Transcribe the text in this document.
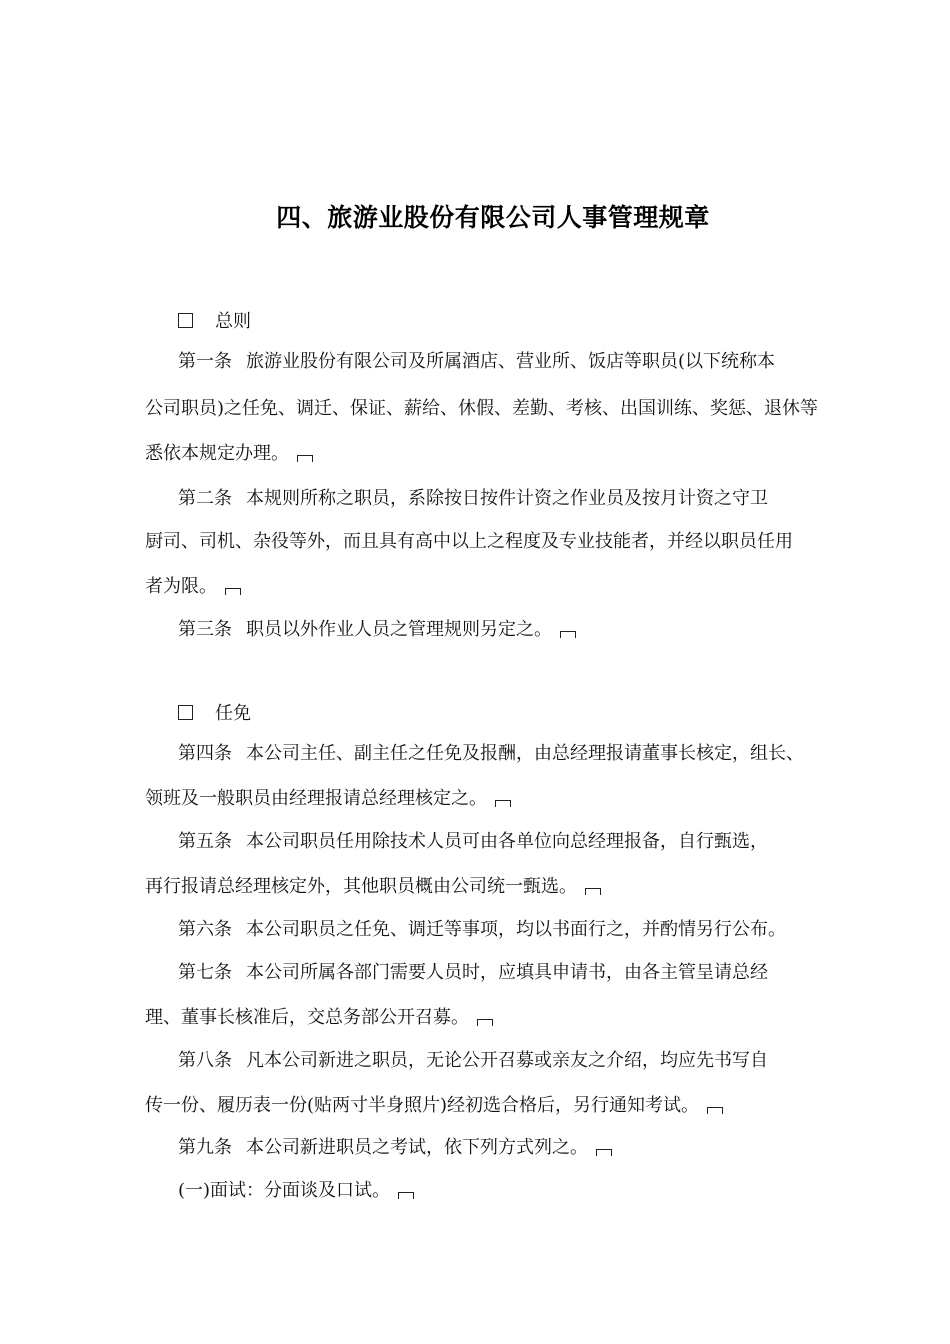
四、旅游业股份有限公司人事管理规章
总则
第一条 旅游业股份有限公司及所属酒店、营业所、饭店等职员(以下统称本
公司职员)之任免、调迁、保证、薪给、休假、差勤、考核、出国训练、奖惩、退休等
悉依本规定办理。
第二条 本规则所称之职员，系除按日按件计资之作业员及按月计资之守卫
厨司、司机、杂役等外，而且具有高中以上之程度及专业技能者，并经以职员任用
者为限。
第三条 职员以外作业人员之管理规则另定之。
任免
第四条 本公司主任、副主任之任免及报酬，由总经理报请董事长核定，组长、
领班及一般职员由经理报请总经理核定之。
第五条 本公司职员任用除技术人员可由各单位向总经理报备，自行甄选，
再行报请总经理核定外，其他职员概由公司统一甄选。
第六条 本公司职员之任免、调迁等事项，均以书面行之，并酌情另行公布。
第七条 本公司所属各部门需要人员时，应填具申请书，由各主管呈请总经
理、董事长核准后，交总务部公开召募。
第八条 凡本公司新进之职员，无论公开召募或亲友之介绍，均应先书写自
传一份、履历表一份(贴两寸半身照片)经初选合格后，另行通知考试。
第九条 本公司新进职员之考试，依下列方式列之。
(一)面试：分面谈及口试。
